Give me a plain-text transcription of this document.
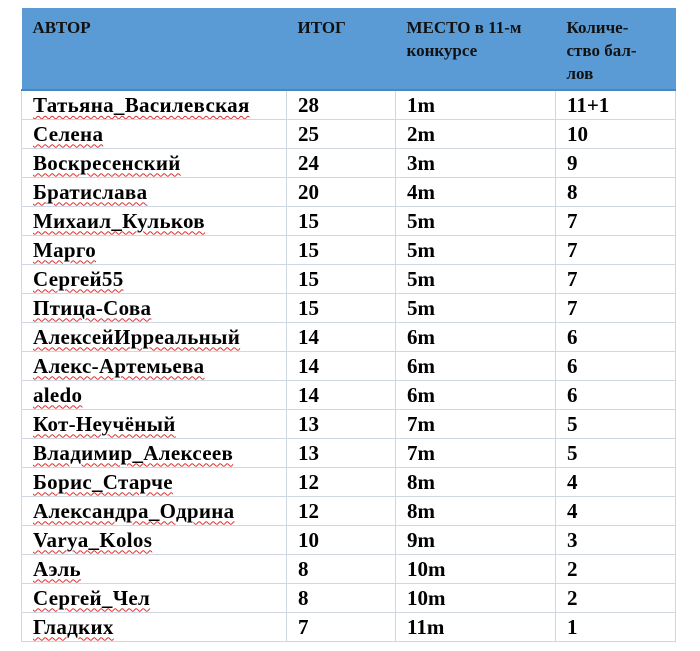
АВТОР	ИТОГ	МЕСТО в 11-м конкурсе	Количе-ство бал-лов

Татьяна_Василевская	28	1m	11+1
Селена	25	2m	10
Воскресенский	24	3m	9
Братислава	20	4m	8
Михаил_Кульков	15	5m	7
Марго	15	5m	7
Сергей55	15	5m	7
Птица-Сова	15	5m	7
АлексейИрреальный	14	6m	6
Алекс-Артемьева	14	6m	6
aledo	14	6m	6
Кот-Неучёный	13	7m	5
Владимир_Алексеев	13	7m	5
Борис_Старче	12	8m	4
Александра_Одрина	12	8m	4
Varya_Kolos	10	9m	3
Аэль	8	10m	2
Сергей_Чел	8	10m	2
Гладких	7	11m	1
